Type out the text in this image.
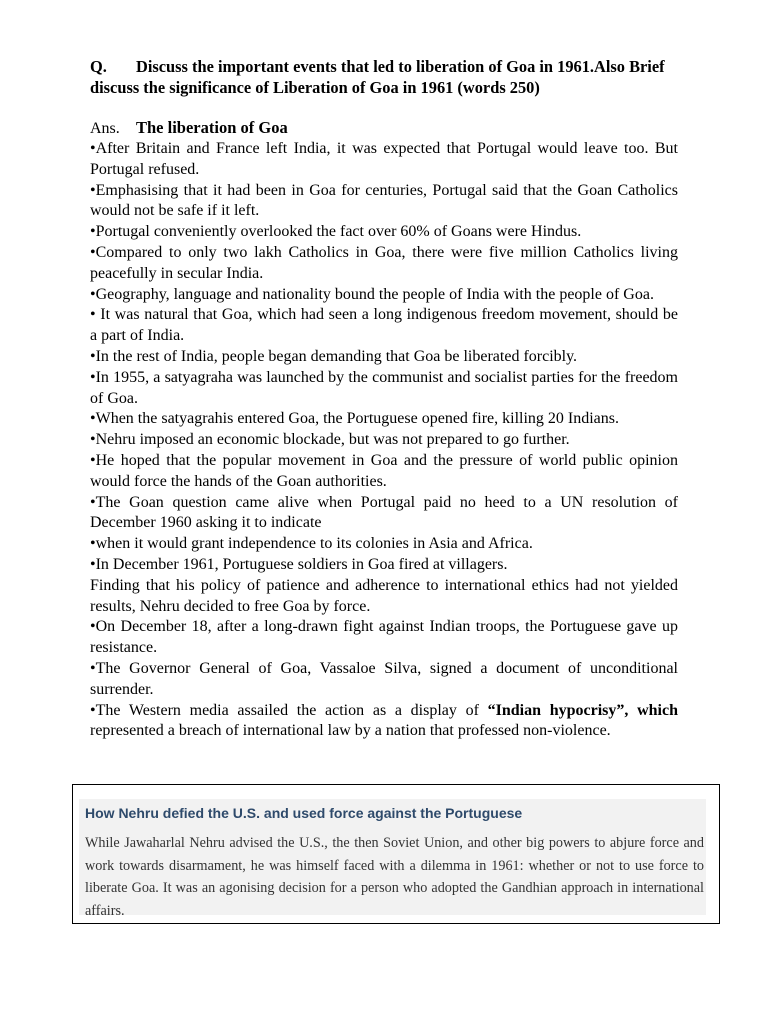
Q. Discuss the important events that led to liberation of Goa in 1961.Also Brief discuss the significance of Liberation of Goa in 1961 (words 250)

Ans. The liberation of Goa
•After Britain and France left India, it was expected that Portugal would leave too. But Portugal refused.
•Emphasising that it had been in Goa for centuries, Portugal said that the Goan Catholics would not be safe if it left.
•Portugal conveniently overlooked the fact over 60% of Goans were Hindus.
•Compared to only two lakh Catholics in Goa, there were five million Catholics living peacefully in secular India.
•Geography, language and nationality bound the people of India with the people of Goa.
• It was natural that Goa, which had seen a long indigenous freedom movement, should be a part of India.
•In the rest of India, people began demanding that Goa be liberated forcibly.
•In 1955, a satyagraha was launched by the communist and socialist parties for the freedom of Goa.
•When the satyagrahis entered Goa, the Portuguese opened fire, killing 20 Indians.
•Nehru imposed an economic blockade, but was not prepared to go further.
•He hoped that the popular movement in Goa and the pressure of world public opinion would force the hands of the Goan authorities.
•The Goan question came alive when Portugal paid no heed to a UN resolution of December 1960 asking it to indicate
•when it would grant independence to its colonies in Asia and Africa.
•In December 1961, Portuguese soldiers in Goa fired at villagers.
Finding that his policy of patience and adherence to international ethics had not yielded results, Nehru decided to free Goa by force.
•On December 18, after a long-drawn fight against Indian troops, the Portuguese gave up resistance.
•The Governor General of Goa, Vassaloe Silva, signed a document of unconditional surrender.
•The Western media assailed the action as a display of “Indian hypocrisy”, which represented a breach of international law by a nation that professed non-violence.

How Nehru defied the U.S. and used force against the Portuguese

While Jawaharlal Nehru advised the U.S., the then Soviet Union, and other big powers to abjure force and work towards disarmament, he was himself faced with a dilemma in 1961: whether or not to use force to liberate Goa. It was an agonising decision for a person who adopted the Gandhian approach in international affairs.
